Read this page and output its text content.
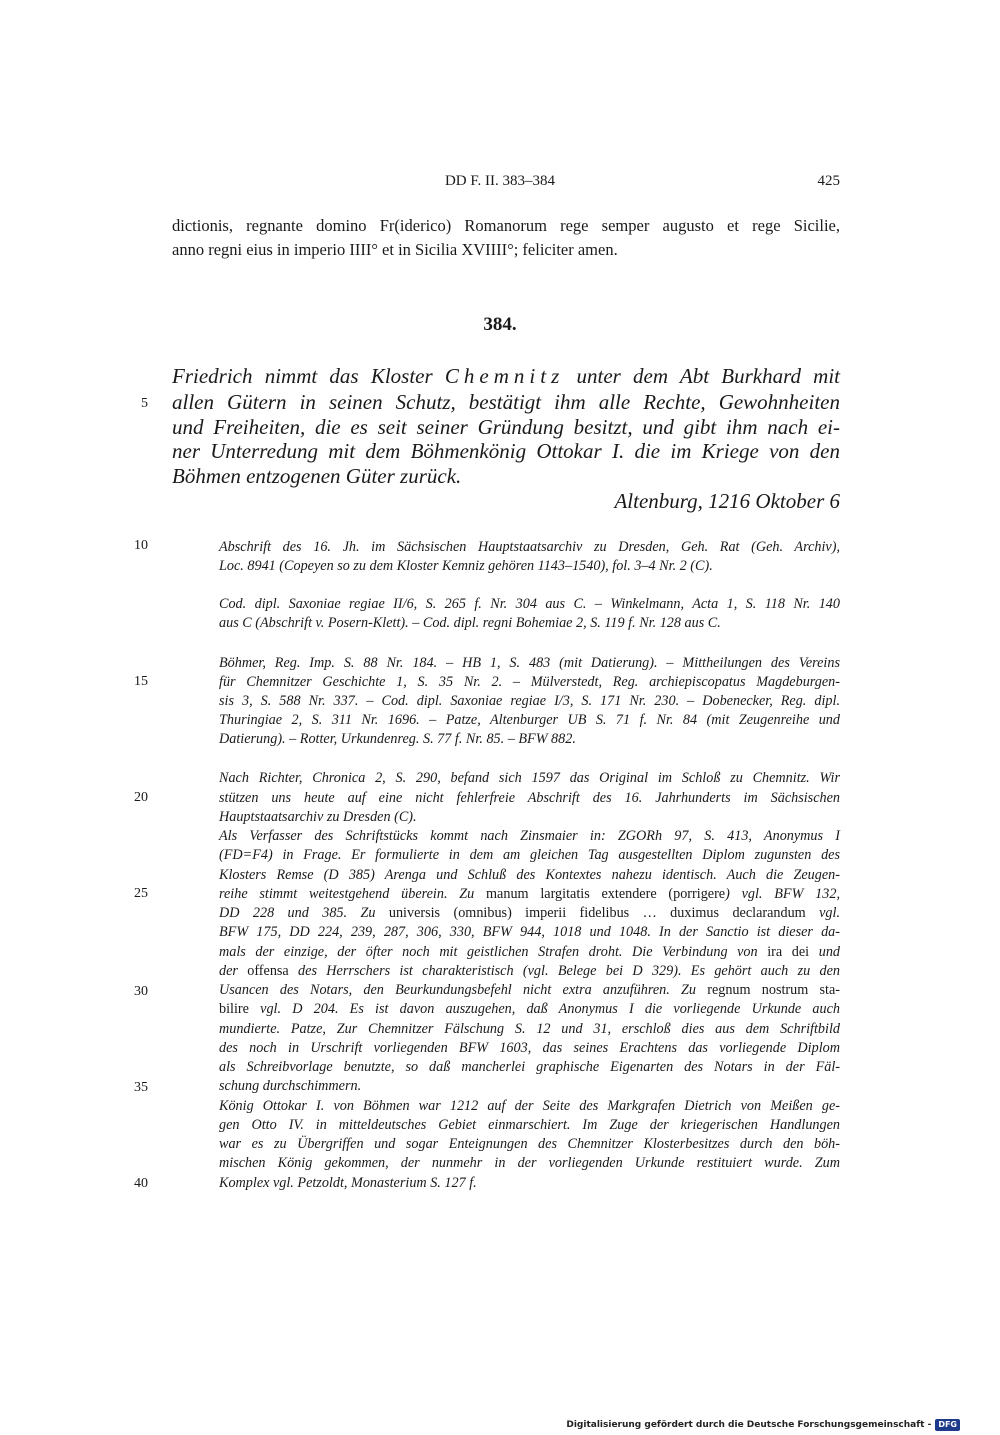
DD F. II. 383–384	425
dictionis, regnante domino Fr(iderico) Romanorum rege semper augusto et rege Sicilie,
anno regni eius in imperio IIII° et in Sicilia XVIIII°; feliciter amen.
384.
Friedrich nimmt das Kloster Chemnitz unter dem Abt Burkhard mit
allen Gütern in seinen Schutz, bestätigt ihm alle Rechte, Gewohnheiten
und Freiheiten, die es seit seiner Gründung besitzt, und gibt ihm nach ei-
ner Unterredung mit dem Böhmenkönig Ottokar I. die im Kriege von den
Böhmen entzogenen Güter zurück.
Altenburg, 1216 Oktober 6
5
10
15
20
25
30
35
40
Abschrift des 16. Jh. im Sächsischen Hauptstaatsarchiv zu Dresden, Geh. Rat (Geh. Archiv),
Loc. 8941 (Copeyen so zu dem Kloster Kemniz gehören 1143–1540), fol. 3–4 Nr. 2 (C).
Cod. dipl. Saxoniae regiae II/6, S. 265 f. Nr. 304 aus C. – Winkelmann, Acta 1, S. 118 Nr. 140
aus C (Abschrift v. Posern-Klett). – Cod. dipl. regni Bohemiae 2, S. 119 f. Nr. 128 aus C.
Böhmer, Reg. Imp. S. 88 Nr. 184. – HB 1, S. 483 (mit Datierung). – Mittheilungen des Vereins
für Chemnitzer Geschichte 1, S. 35 Nr. 2. – Mülverstedt, Reg. archiepiscopatus Magdeburgen-
sis 3, S. 588 Nr. 337. – Cod. dipl. Saxoniae regiae I/3, S. 171 Nr. 230. – Dobenecker, Reg. dipl.
Thuringiae 2, S. 311 Nr. 1696. – Patze, Altenburger UB S. 71 f. Nr. 84 (mit Zeugenreihe und
Datierung). – Rotter, Urkundenreg. S. 77 f. Nr. 85. – BFW 882.
Nach Richter, Chronica 2, S. 290, befand sich 1597 das Original im Schloß zu Chemnitz. Wir
stützen uns heute auf eine nicht fehlerfreie Abschrift des 16. Jahrhunderts im Sächsischen
Hauptstaatsarchiv zu Dresden (C).
Als Verfasser des Schriftstücks kommt nach Zinsmaier in: ZGORh 97, S. 413, Anonymus I
(FD=F4) in Frage. Er formulierte in dem am gleichen Tag ausgestellten Diplom zugunsten des
Klosters Remse (D 385) Arenga und Schluß des Kontextes nahezu identisch. Auch die Zeugen-
reihe stimmt weitestgehend überein. Zu manum largitatis extendere (porrigere) vgl. BFW 132,
DD 228 und 385. Zu universis (omnibus) imperii fidelibus … duximus declarandum vgl.
BFW 175, DD 224, 239, 287, 306, 330, BFW 944, 1018 und 1048. In der Sanctio ist dieser da-
mals der einzige, der öfter noch mit geistlichen Strafen droht. Die Verbindung von ira dei und
der offensa des Herrschers ist charakteristisch (vgl. Belege bei D 329). Es gehört auch zu den
Usancen des Notars, den Beurkundungsbefehl nicht extra anzuführen. Zu regnum nostrum sta-
bilire vgl. D 204. Es ist davon auszugehen, daß Anonymus I die vorliegende Urkunde auch
mundierte. Patze, Zur Chemnitzer Fälschung S. 12 und 31, erschloß dies aus dem Schriftbild
des noch in Urschrift vorliegenden BFW 1603, das seines Erachtens das vorliegende Diplom
als Schreibvorlage benutzte, so daß mancherlei graphische Eigenarten des Notars in der Fäl-
schung durchschimmern.
König Ottokar I. von Böhmen war 1212 auf der Seite des Markgrafen Dietrich von Meißen ge-
gen Otto IV. in mitteldeutsches Gebiet einmarschiert. Im Zuge der kriegerischen Handlungen
war es zu Übergriffen und sogar Enteignungen des Chemnitzer Klosterbesitzes durch den böh-
mischen König gekommen, der nunmehr in der vorliegenden Urkunde restituiert wurde. Zum
Komplex vgl. Petzoldt, Monasterium S. 127 f.
Digitalisierung gefördert durch die Deutsche Forschungsgemeinschaft - DFG
